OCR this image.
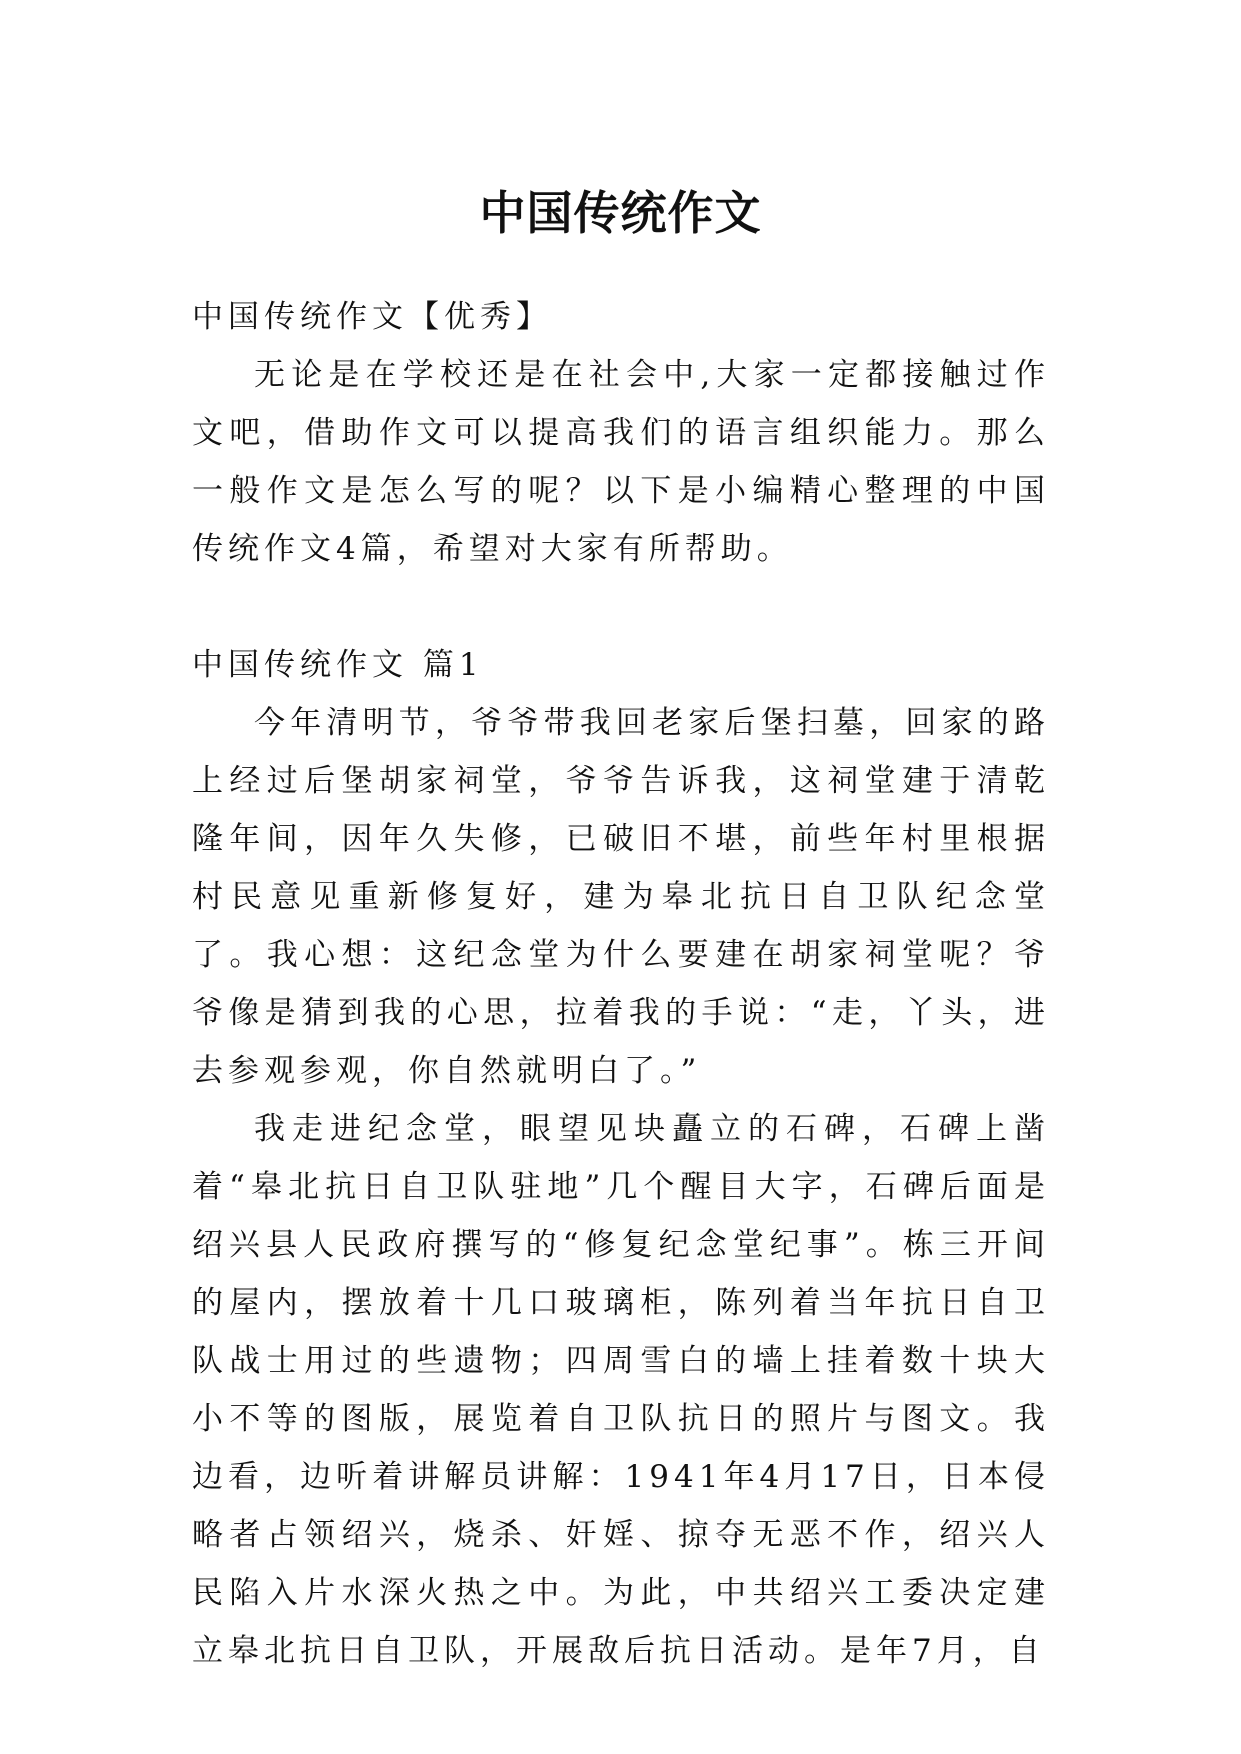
中国传统作文

中国传统作文【优秀】

无论是在学校还是在社会中,大家一定都接触过作文吧，借助作文可以提高我们的语言组织能力。那么一般作文是怎么写的呢？以下是小编精心整理的中国传统作文4篇，希望对大家有所帮助。

中国传统作文 篇1

今年清明节，爷爷带我回老家后堡扫墓，回家的路上经过后堡胡家祠堂，爷爷告诉我，这祠堂建于清乾隆年间，因年久失修，已破旧不堪，前些年村里根据村民意见重新修复好，建为皋北抗日自卫队纪念堂了。我心想：这纪念堂为什么要建在胡家祠堂呢？爷爷像是猜到我的心思，拉着我的手说：“走，丫头，进去参观参观，你自然就明白了。”

我走进纪念堂，眼望见块矗立的石碑，石碑上凿着“皋北抗日自卫队驻地”几个醒目大字，石碑后面是绍兴县人民政府撰写的“修复纪念堂纪事”。栋三开间的屋内，摆放着十几口玻璃柜，陈列着当年抗日自卫队战士用过的些遗物；四周雪白的墙上挂着数十块大小不等的图版，展览着自卫队抗日的照片与图文。我边看，边听着讲解员讲解：1941年4月17日，日本侵略者占领绍兴，烧杀、奸婬、掠夺无恶不作，绍兴人民陷入片水深火热之中。为此，中共绍兴工委决定建立皋北抗日自卫队，开展敌后抗日活动。是年7月，自
